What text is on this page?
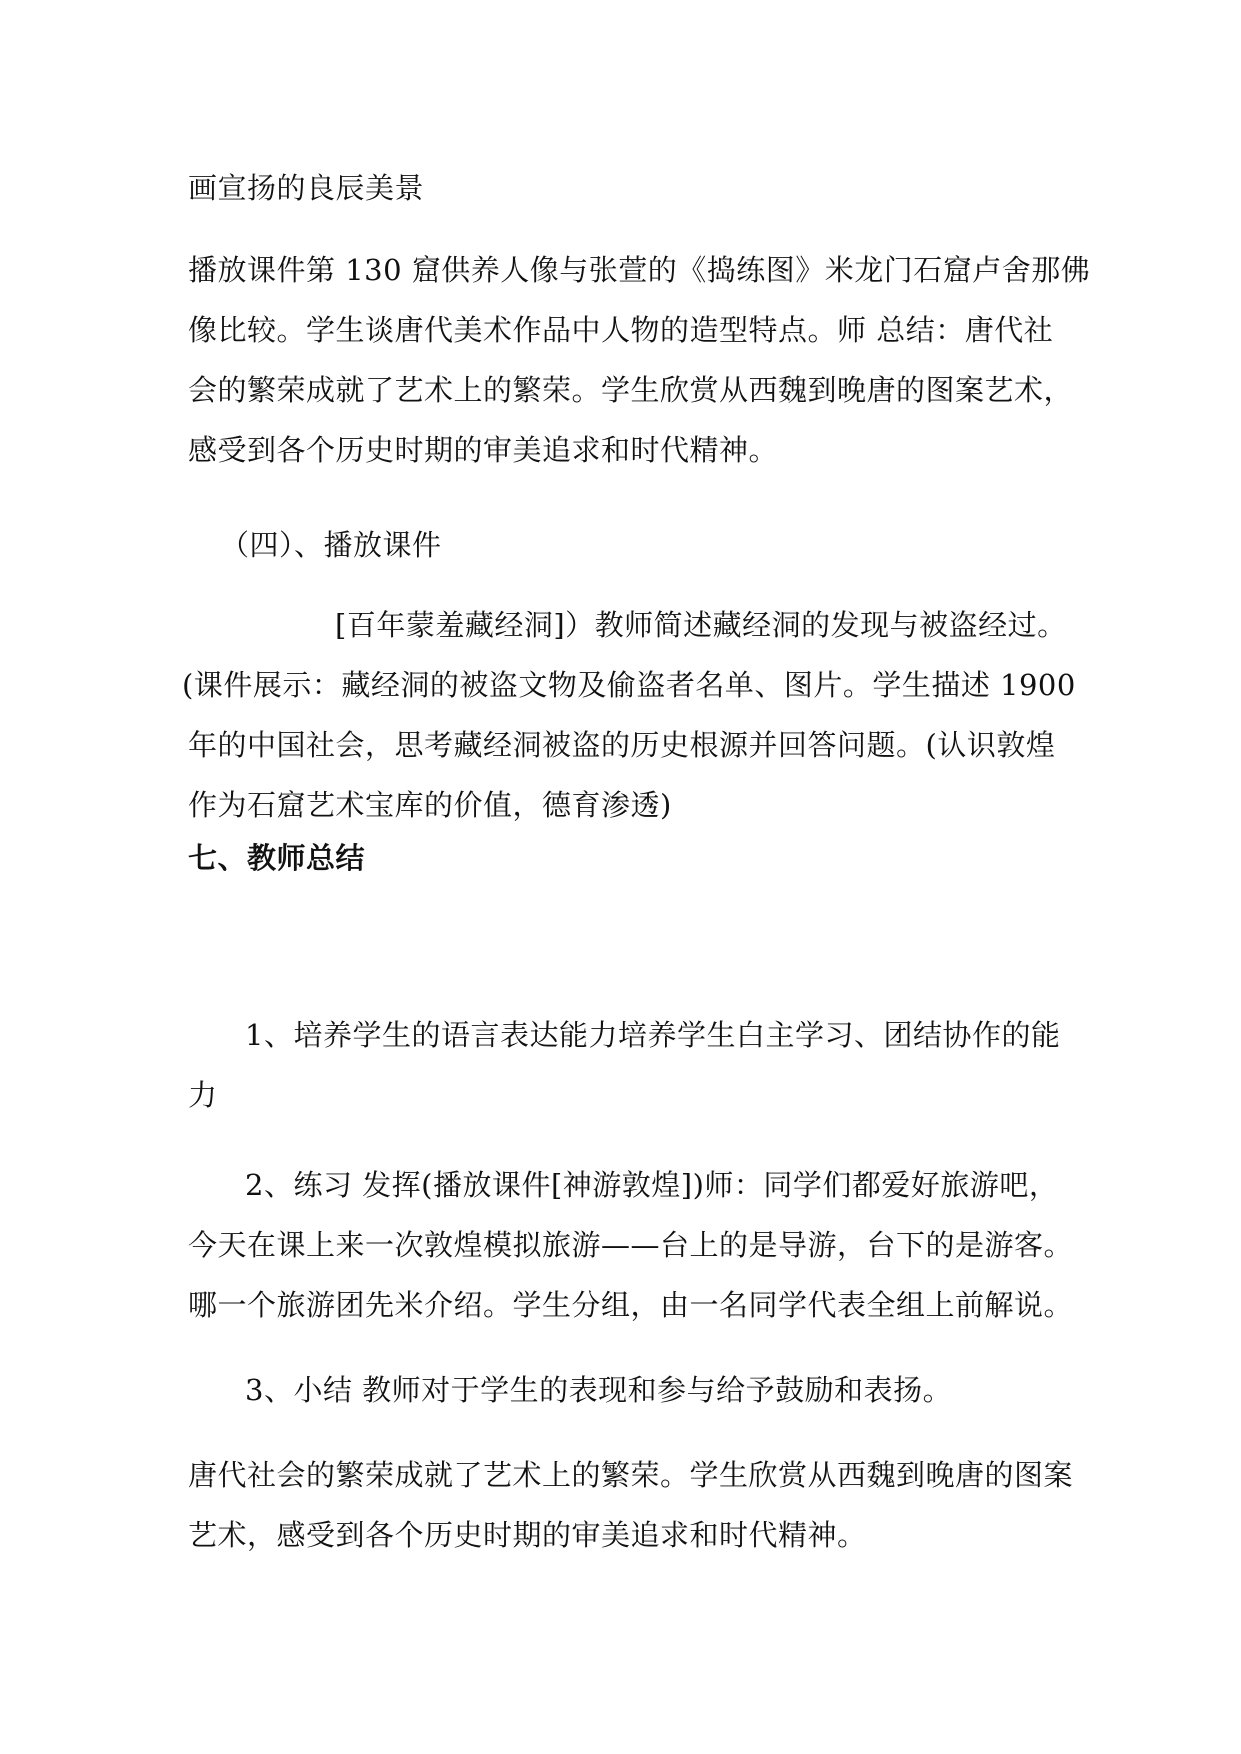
画宣扬的良辰美景

播放课件第 130 窟供养人像与张萱的《捣练图》米龙门石窟卢舍那佛

像比较。学生谈唐代美术作品中人物的造型特点。师 总结：唐代社

会的繁荣成就了艺术上的繁荣。学生欣赏从西魏到晚唐的图案艺术，

感受到各个历史时期的审美追求和时代精神。

（四）、播放课件

[百年蒙羞藏经洞]）教师简述藏经洞的发现与被盗经过。

(课件展示：藏经洞的被盗文物及偷盗者名单、图片。学生描述 1900

年的中国社会，思考藏经洞被盗的历史根源并回答问题。(认识敦煌

作为石窟艺术宝库的价值，德育渗透)

七、教师总结

1、培养学生的语言表达能力培养学生白主学习、团结协作的能

力

2、练习 发挥(播放课件[神游敦煌])师：同学们都爱好旅游吧，

今天在课上来一次敦煌模拟旅游——台上的是导游，台下的是游客。

哪一个旅游团先米介绍。学生分组，由一名同学代表全组上前解说。

3、小结 教师对于学生的表现和参与给予鼓励和表扬。

唐代社会的繁荣成就了艺术上的繁荣。学生欣赏从西魏到晚唐的图案

艺术，感受到各个历史时期的审美追求和时代精神。
